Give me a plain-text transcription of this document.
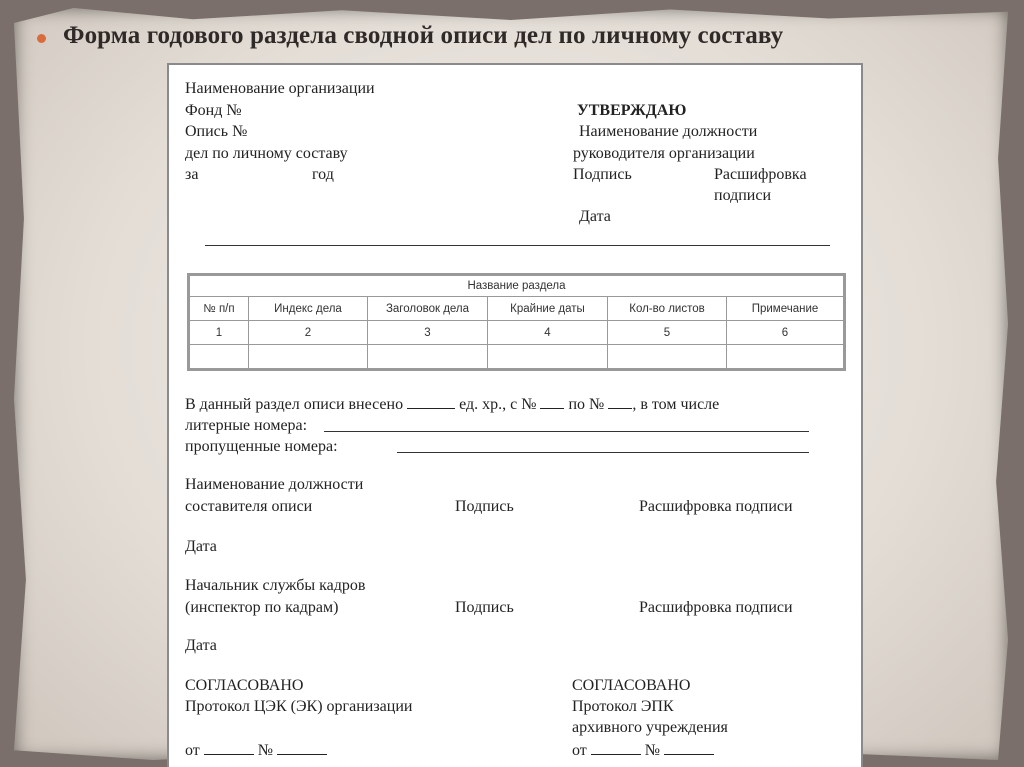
Форма годового раздела сводной описи дел по личному составу
Наименование организации
Фонд №
Опись №
дел по личному составу
за	год
УТВЕРЖДАЮ
Наименование должности
руководителя организации
Подпись	Расшифровка
подписи
Дата
Название раздела					
№ п/п	Индекс дела	Заголовок дела	Крайние даты	Кол-во листов	Примечание
1	2	3	4	5	6

В данный раздел описи внесено	ед. хр., с № по № , в том числе
литерные номера:
пропущенные номера:
Наименование должности
составителя описи	Подпись	Расшифровка подписи
Дата
Начальник службы кадров
(инспектор по кадрам)	Подпись	Расшифровка подписи
Дата
СОГЛАСОВАНО
Протокол ЦЭК (ЭК) организации
от	№
СОГЛАСОВАНО
Протокол ЭПК
архивного учреждения
от	№
